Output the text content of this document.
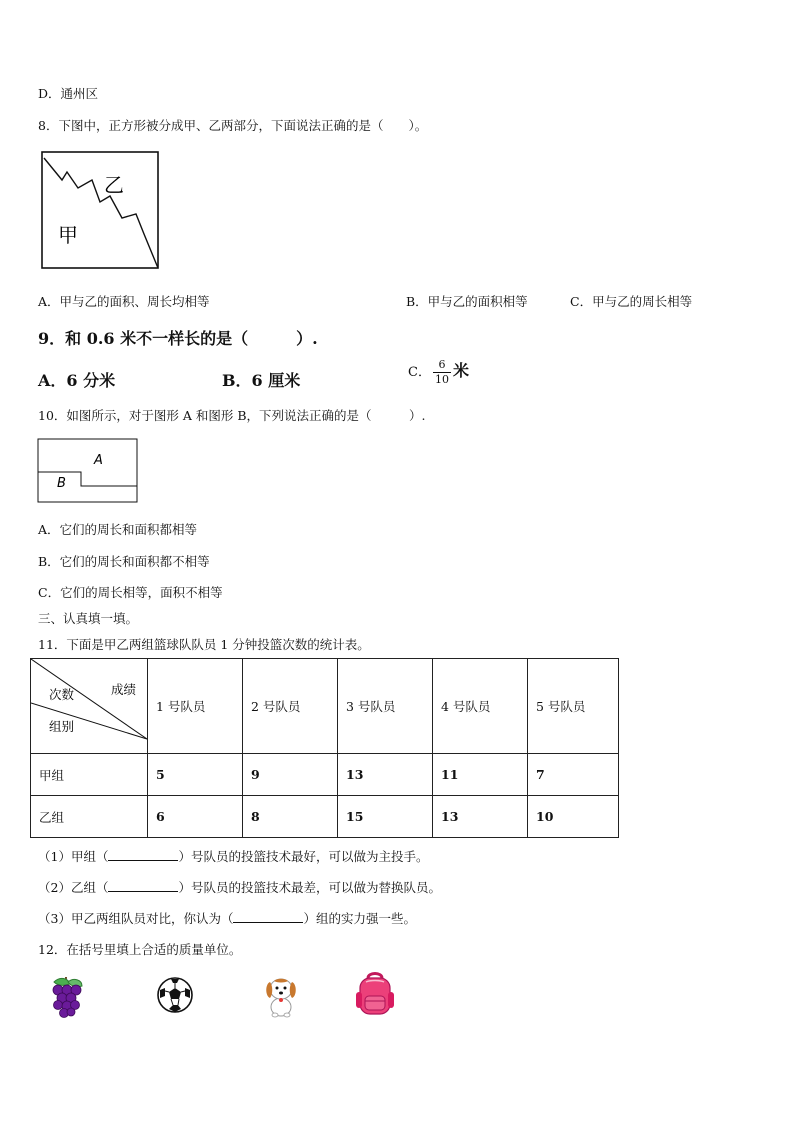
D．通州区
8．下图中，正方形被分成甲、乙两部分，下面说法正确的是（　　）。
乙
甲
A．甲与乙的面积、周长均相等	B．甲与乙的面积相等	C．甲与乙的周长相等
9．和 0.6 米不一样长的是（　　　）.
A．6 分米	B．6 厘米	C． $\frac{6}{10}$ 米
10．如图所示，对于图形 A 和图形 B，下列说法正确的是（　　　）.
A
B
A．它们的周长和面积都相等
B．它们的周长和面积都不相等
C．它们的周长相等，面积不相等
三、认真填一填。
11．下面是甲乙两组篮球队队员 1 分钟投篮次数的统计表。
成绩
次数
组别	1 号队员	2 号队员	3 号队员	4 号队员	5 号队员
甲组	5	9	13	11	7
乙组	6	8	15	13	10
（1）甲组（	）号队员的投篮技术最好，可以做为主投手。
（2）乙组（	）号队员的投篮技术最差，可以做为替换队员。
（3）甲乙两组队员对比，你认为（	）组的实力强一些。
12．在括号里填上合适的质量单位。
